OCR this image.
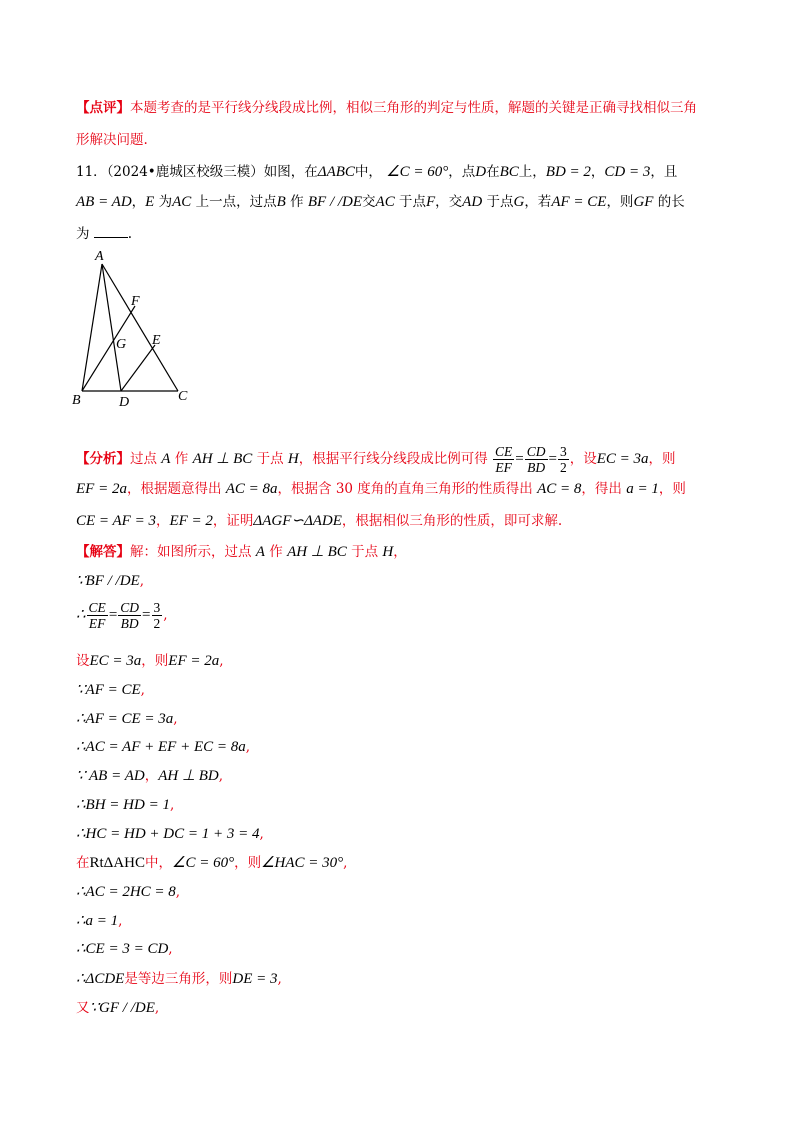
【点评】本题考查的是平行线分线段成比例，相似三角形的判定与性质，解题的关键是正确寻找相似三角
形解决问题.
11．（2024•鹿城区校级三模）如图，在ΔABC中， ∠C = 60°，点D在BC上，BD = 2，CD = 3，且
AB = AD，E 为AC 上一点，过点B 作 BF / /DE交AC 于点F，交AD 于点G，若AF = CE，则GF 的长
为	.
A
F
G E
B	D	C
【分析】过点 A 作 AH ⊥ BC 于点 H，根据平行线分线段成比例可得 $\frac{CE}{EF} = \frac{CD}{BD} = \frac{3}{2}$ ，设EC = 3a，则
EF = 2a，根据题意得出 AC = 8a，根据含 30 度角的直角三角形的性质得出 AC = 8，得出 a = 1，则
CE = AF = 3，EF = 2，证明ΔAGF∽ΔADE，根据相似三角形的性质，即可求解.
【解答】解：如图所示，过点 A 作 AH ⊥ BC 于点 H，
∵BF / /DE,
∴ $\frac{CE}{EF} = \frac{CD}{BD} = \frac{3}{2}$ ,
设EC = 3a，则EF = 2a,
∵AF = CE,
∴AF = CE = 3a,
∴AC = AF + EF + EC = 8a,
∵ AB = AD，AH ⊥ BD,
∴BH = HD = 1,
∴HC = HD + DC = 1 + 3 = 4,
在RtΔAHC中，∠C = 60°，则∠HAC = 30°,
∴AC = 2HC = 8,
∴a = 1,
∴CE = 3 = CD,
∴ΔCDE是等边三角形，则DE = 3,
又∵GF / /DE,
